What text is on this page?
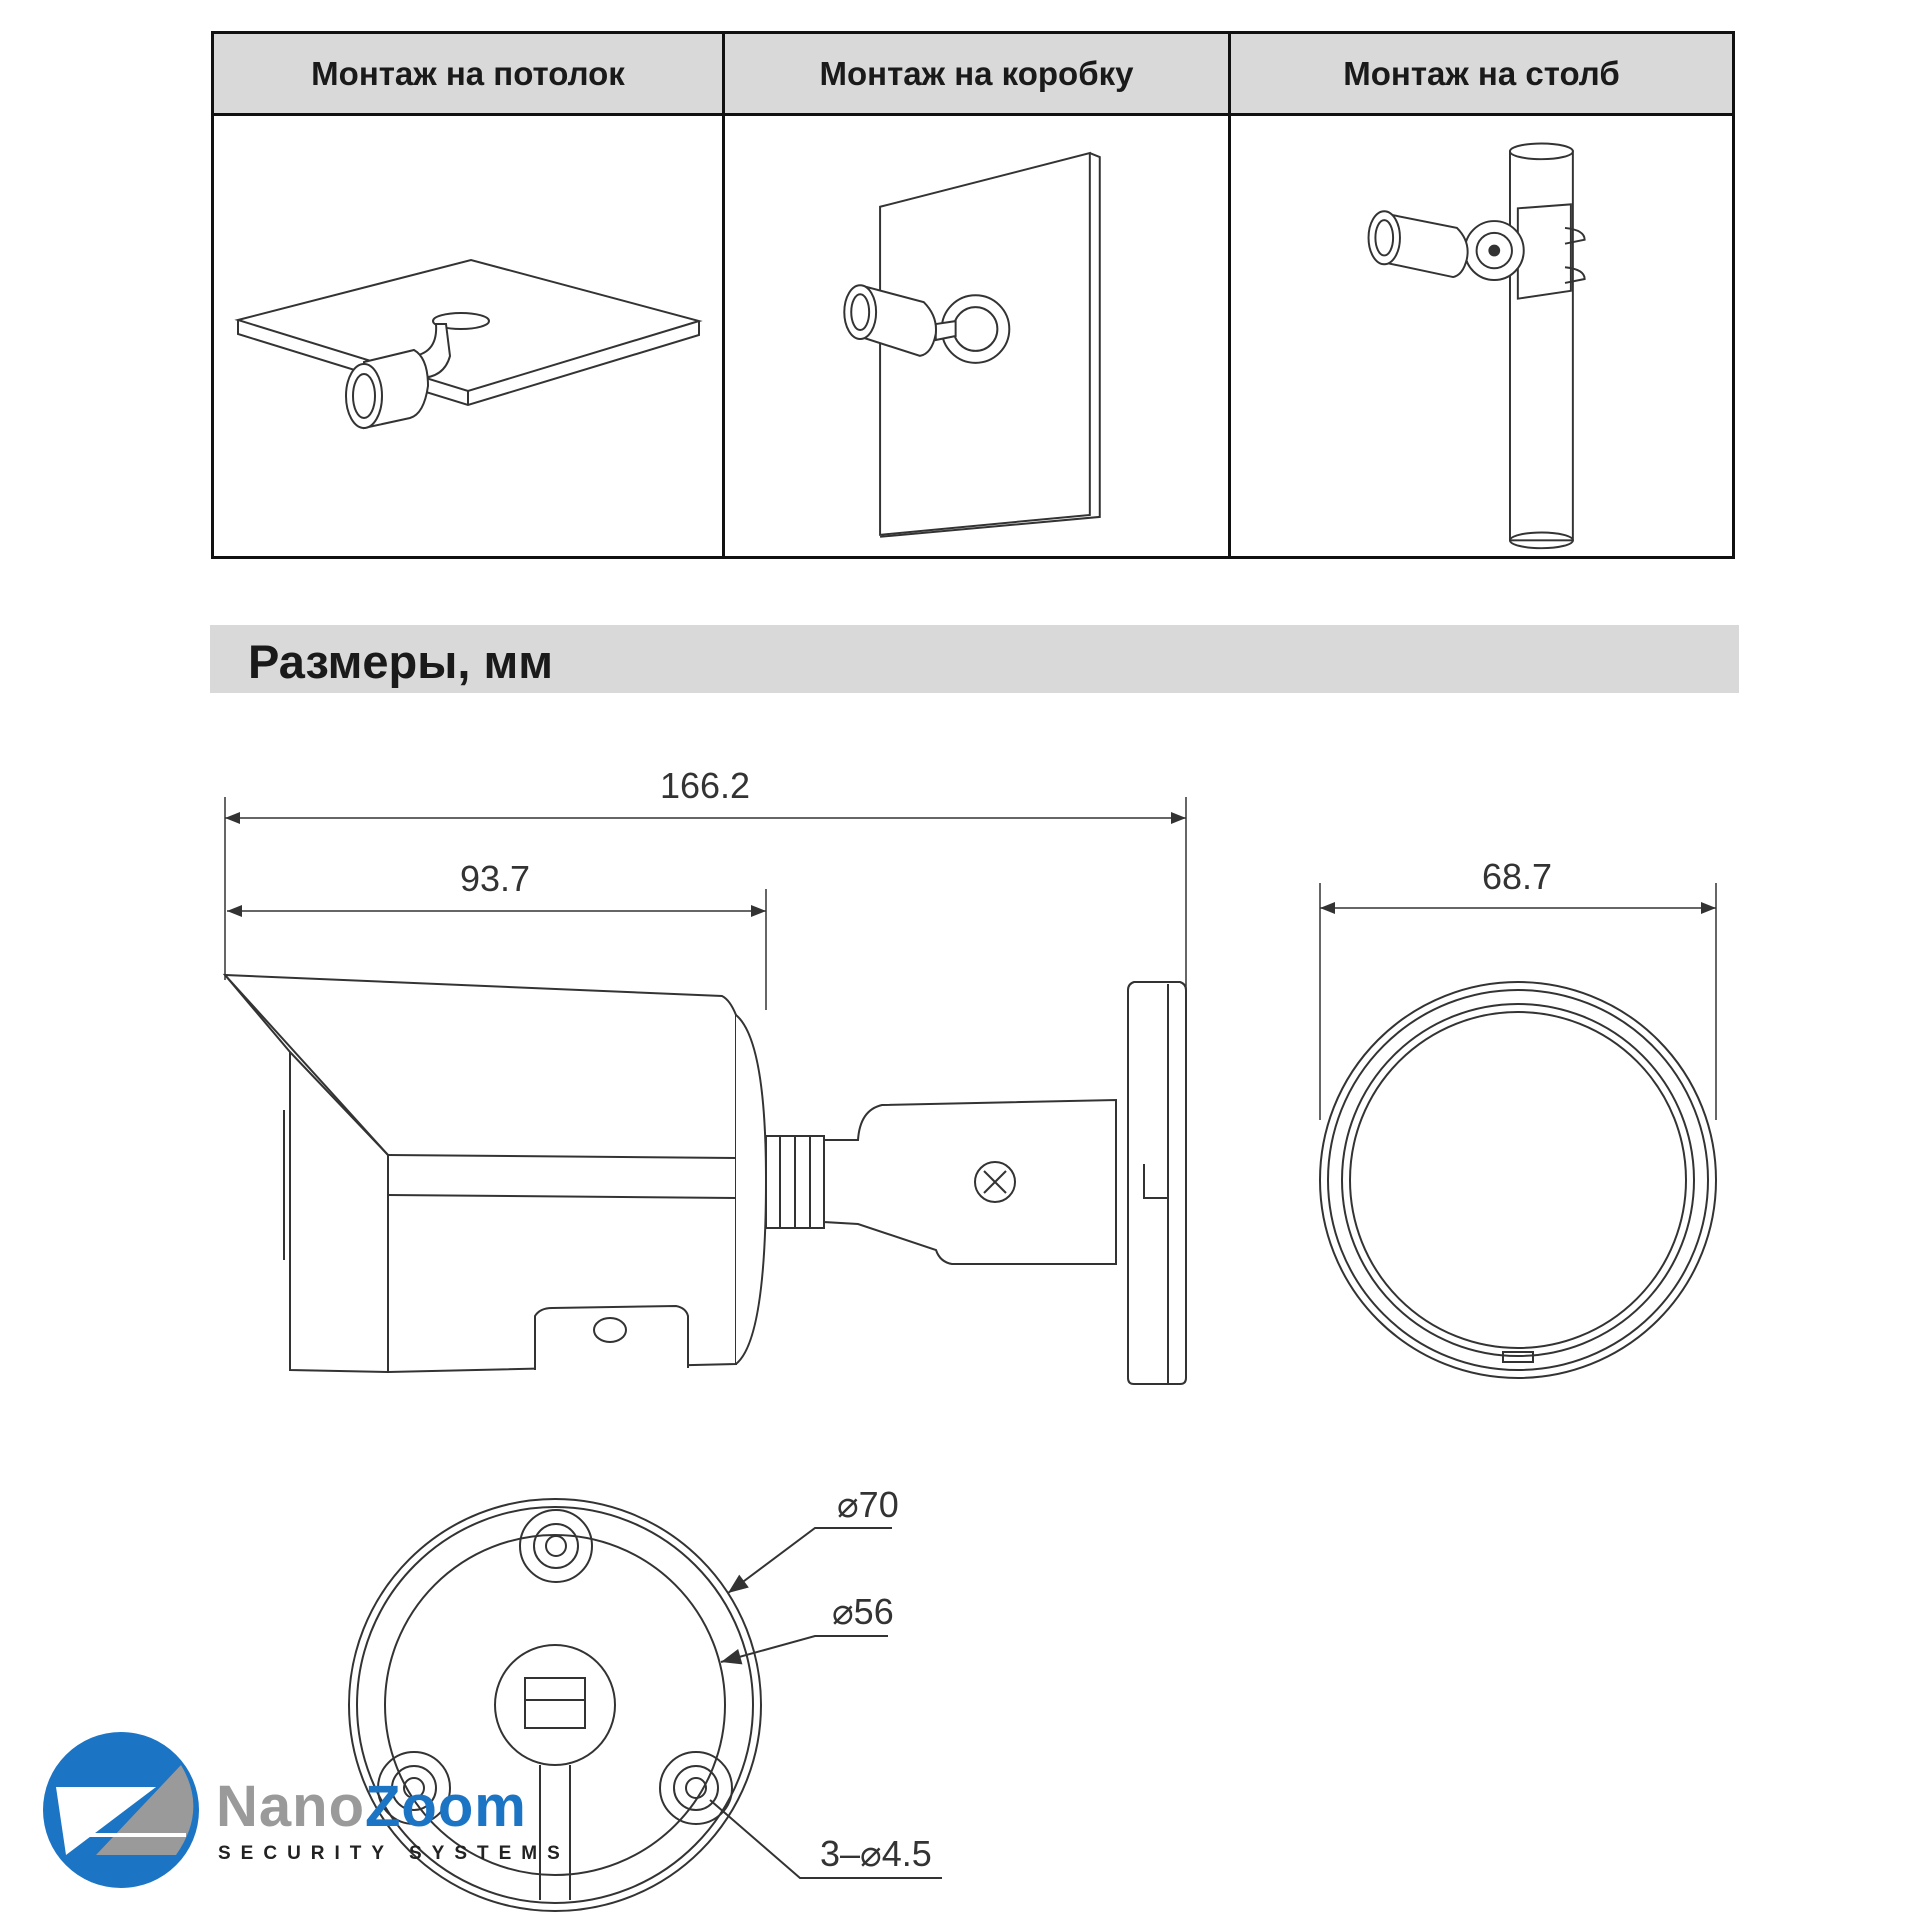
Монтаж на потолок	Монтаж на коробку	Монтаж на столб
Размеры, мм
166.2
93.7	68.7
⌀70
⌀56
3–⌀4.5
NanoZoom
SECURITY SYSTEMS
